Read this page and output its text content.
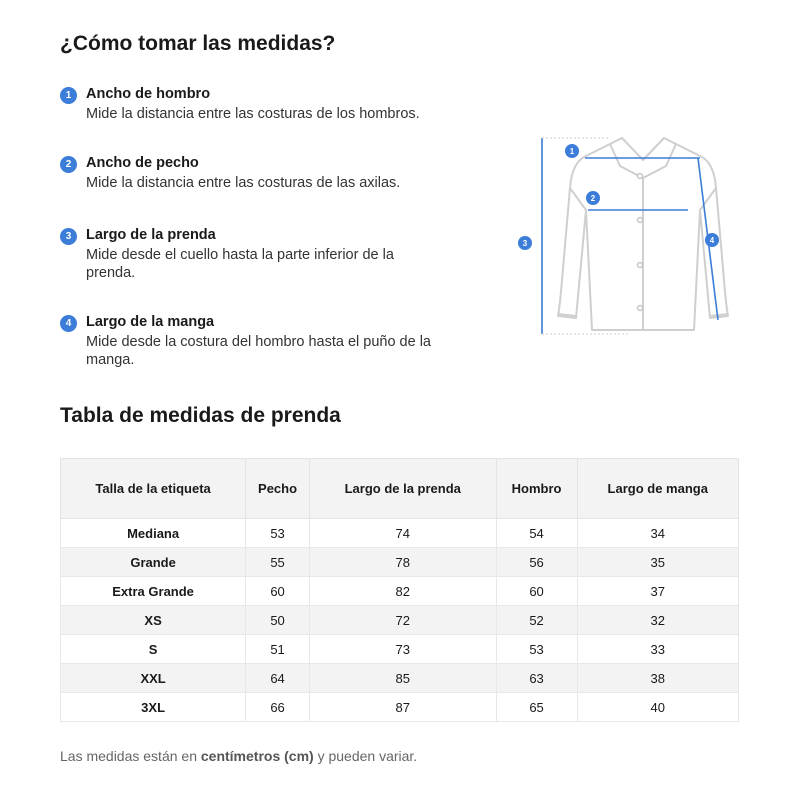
¿Cómo tomar las medidas?
1	Ancho de hombro
Mide la distancia entre las costuras de los hombros.
2	Ancho de pecho
Mide la distancia entre las costuras de las axilas.
3	Largo de la prenda
Mide desde el cuello hasta la parte inferior de la prenda.
4	Largo de la manga
Mide desde la costura del hombro hasta el puño de la manga.
1
2
3	4
Tabla de medidas de prenda
Talla de la etiqueta	Pecho	Largo de la prenda	Hombro	Largo de manga
Mediana	53	74	54	34
Grande	55	78	56	35
Extra Grande	60	82	60	37
XS	50	72	52	32
S	51	73	53	33
XXL	64	85	63	38
3XL	66	87	65	40
Las medidas están en centímetros (cm) y pueden variar.
